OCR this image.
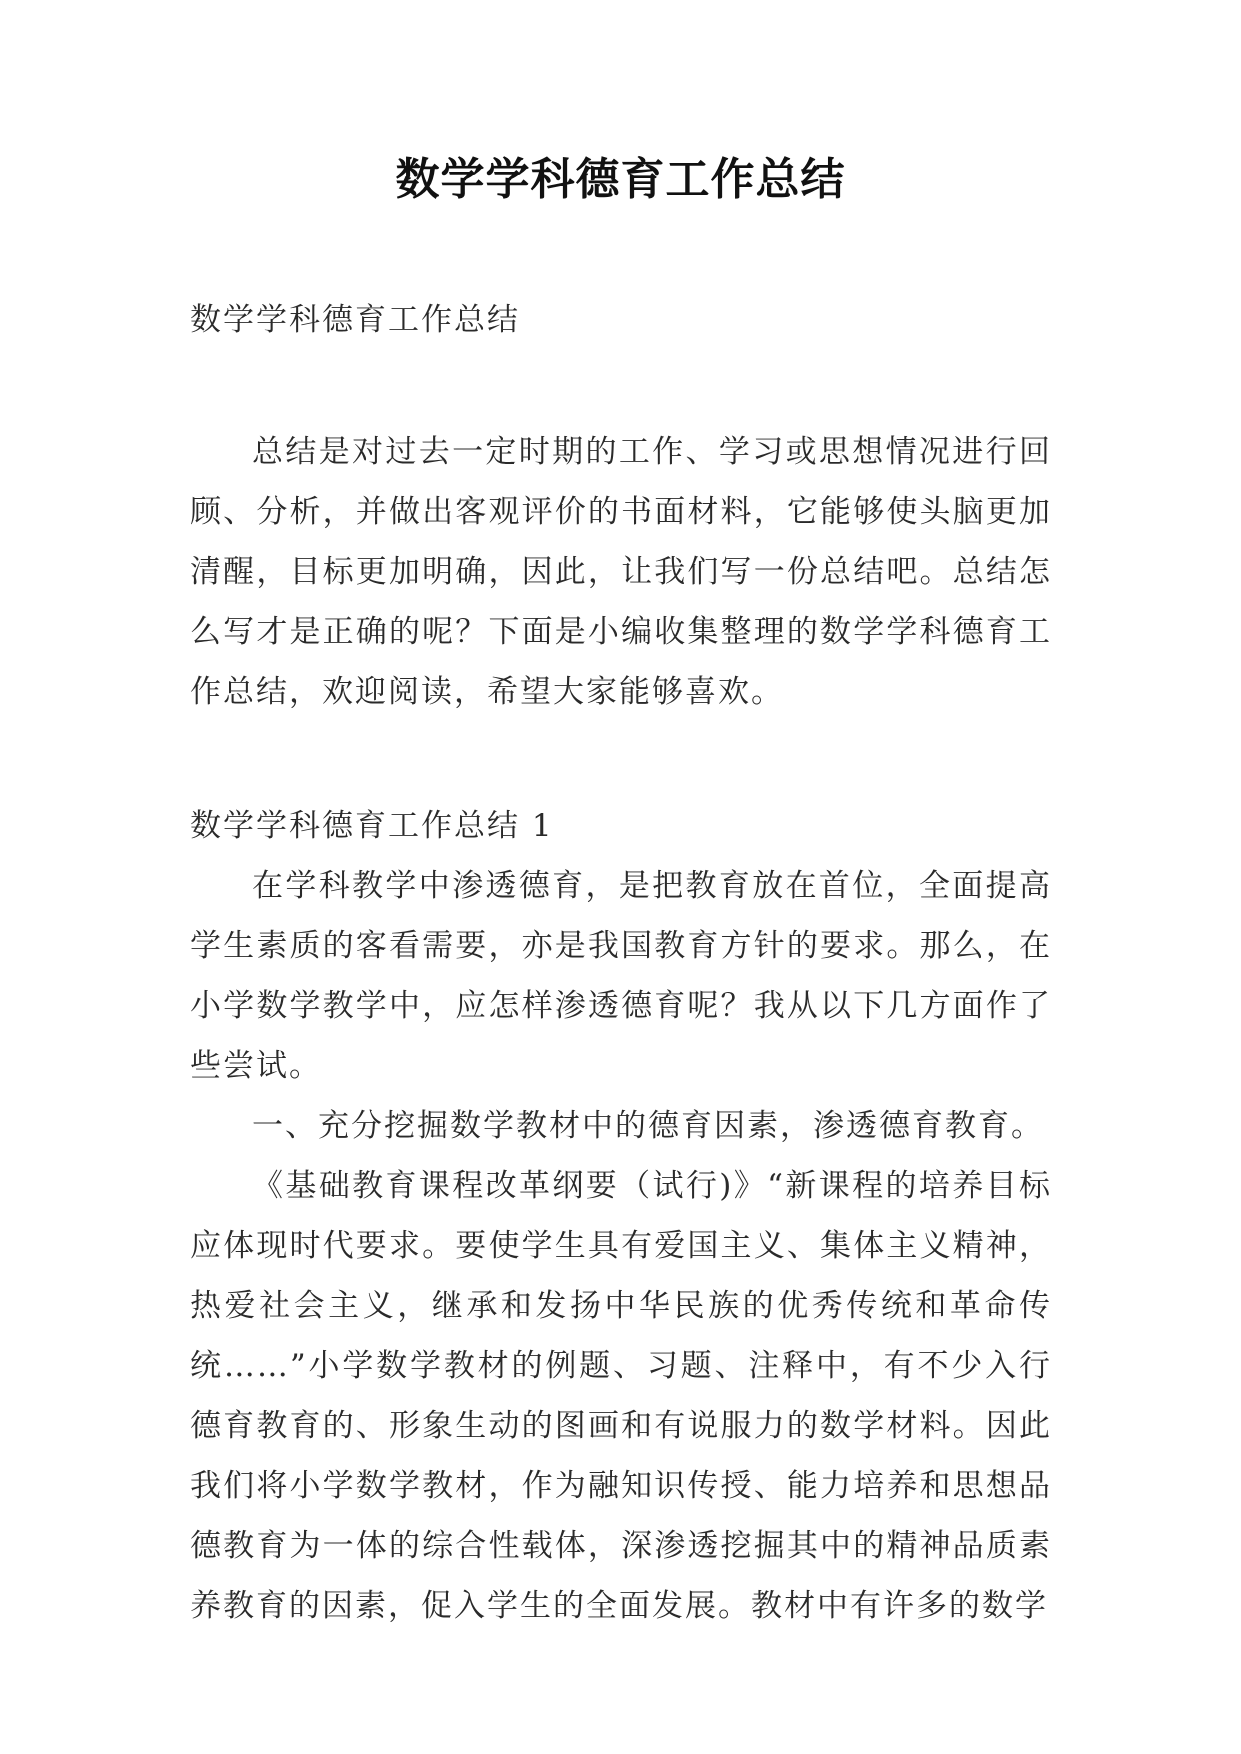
数学学科德育工作总结

数学学科德育工作总结

总结是对过去一定时期的工作、学习或思想情况进行回顾、分析，并做出客观评价的书面材料，它能够使头脑更加清醒，目标更加明确，因此，让我们写一份总结吧。总结怎么写才是正确的呢？下面是小编收集整理的数学学科德育工作总结，欢迎阅读，希望大家能够喜欢。

数学学科德育工作总结 1

在学科教学中渗透德育，是把教育放在首位，全面提高学生素质的客看需要，亦是我国教育方针的要求。那么，在小学数学教学中，应怎样渗透德育呢？我从以下几方面作了些尝试。

一、充分挖掘数学教材中的德育因素，渗透德育教育。

《基础教育课程改革纲要（试行)》“新课程的培养目标应体现时代要求。要使学生具有爱国主义、集体主义精神，热爱社会主义，继承和发扬中华民族的优秀传统和革命传统……”小学数学教材的例题、习题、注释中，有不少入行德育教育的、形象生动的图画和有说服力的数学材料。因此我们将小学数学教材，作为融知识传授、能力培养和思想品德教育为一体的综合性载体，深渗透挖掘其中的精神品质素养教育的因素，促入学生的全面发展。教材中有许多的数学
